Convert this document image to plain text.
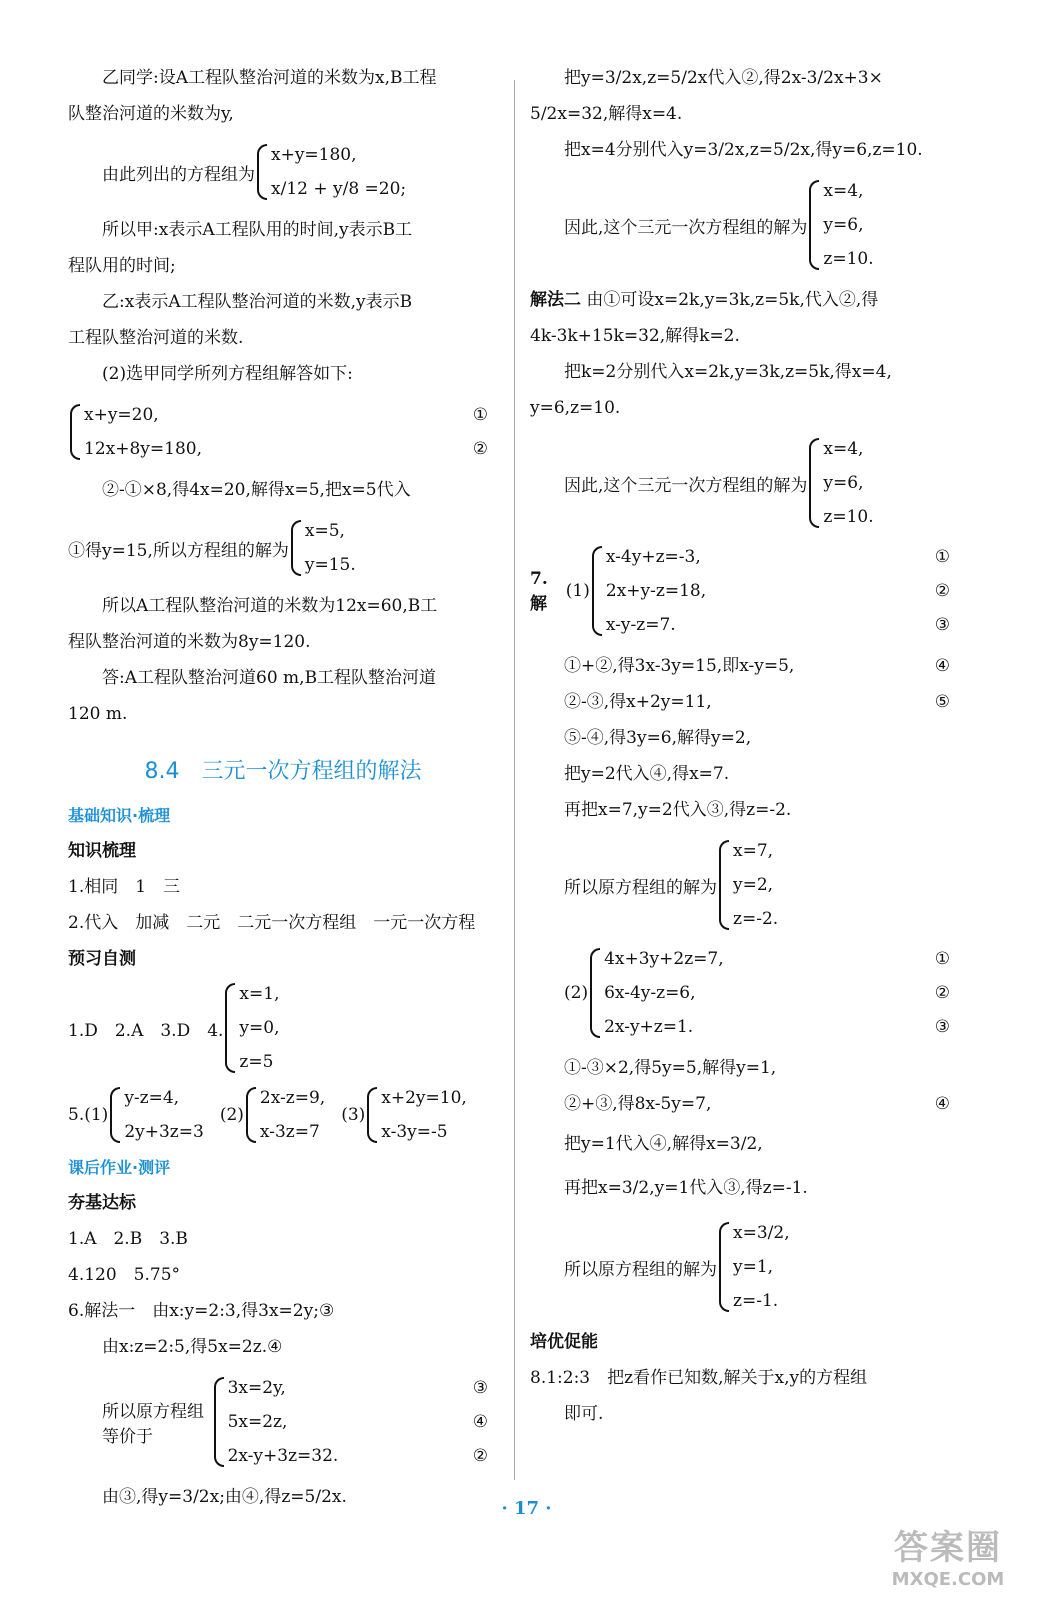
乙同学:设A工程队整治河道的米数为x,B工程

队整治河道的米数为y,

由此列出的方程组为
x+y=180,
x/12 + y/8 =20;

所以甲:x表示A工程队用的时间,y表示B工

程队用的时间;

乙:x表示A工程队整治河道的米数,y表示B

工程队整治河道的米数.

(2)选甲同学所列方程组解答如下:

x+y=20,
12x+8y=180,
①
②

②-①×8,得4x=20,解得x=5,把x=5代入

①得y=15,所以方程组的解为
x=5,
y=15.

所以A工程队整治河道的米数为12x=60,B工

程队整治河道的米数为8y=120.

答:A工程队整治河道60 m,B工程队整治河道

120 m.

8.4　三元一次方程组的解法
基础知识·梳理
知识梳理

1.相同　1　三

2.代入　加减　二元　二元一次方程组　一元一次方程

预习自测
1.D　2.A　3.D　4.
x=1,
y=0,
z=5
5.(1)
y-z=4,
2y+3z=3
(2)
2x-z=9,
x-3z=7
(3)
x+2y=10,
x-3y=-5
课后作业·测评
夯基达标

1.A　2.B　3.B

4.120　5.75°

6.解法一　由x:y=2:3,得3x=2y;③

由x:z=2:5,得5x=2z.④

所以原方程组等价于
3x=2y,
5x=2z,
2x-y+3z=32.
③
④
②

由③,得y=3/2x;由④,得z=5/2x.

把y=3/2x,z=5/2x代入②,得2x-3/2x+3×

5/2x=32,解得x=4.

把x=4分别代入y=3/2x,z=5/2x,得y=6,z=10.

因此,这个三元一次方程组的解为
x=4,
y=6,
z=10.

解法二 由①可设x=2k,y=3k,z=5k,代入②,得

4k-3k+15k=32,解得k=2.

把k=2分别代入x=2k,y=3k,z=5k,得x=4,

y=6,z=10.

因此,这个三元一次方程组的解为
x=4,
y=6,
z=10.
7.解
(1)
x-4y+z=-3,
2x+y-z=18,
x-y-z=7.
①
②
③
①+②,得3x-3y=15,即x-y=5,	④
②-③,得x+2y=11,	⑤
⑤-④,得3y=6,解得y=2,
把y=2代入④,得x=7.
再把x=7,y=2代入③,得z=-2.
所以原方程组的解为
x=7,
y=2,
z=-2.
(2)
4x+3y+2z=7,
6x-4y-z=6,
2x-y+z=1.
①
②
③
①-③×2,得5y=5,解得y=1,
②+③,得8x-5y=7,	④
把y=1代入④,解得x=3/2,
再把x=3/2,y=1代入③,得z=-1.
所以原方程组的解为
x=3/2,
y=1,
z=-1.
培优促能

8.1:2:3　把z看作已知数,解关于x,y的方程组

即可.

· 17 ·
答案圈
MXQE.COM
